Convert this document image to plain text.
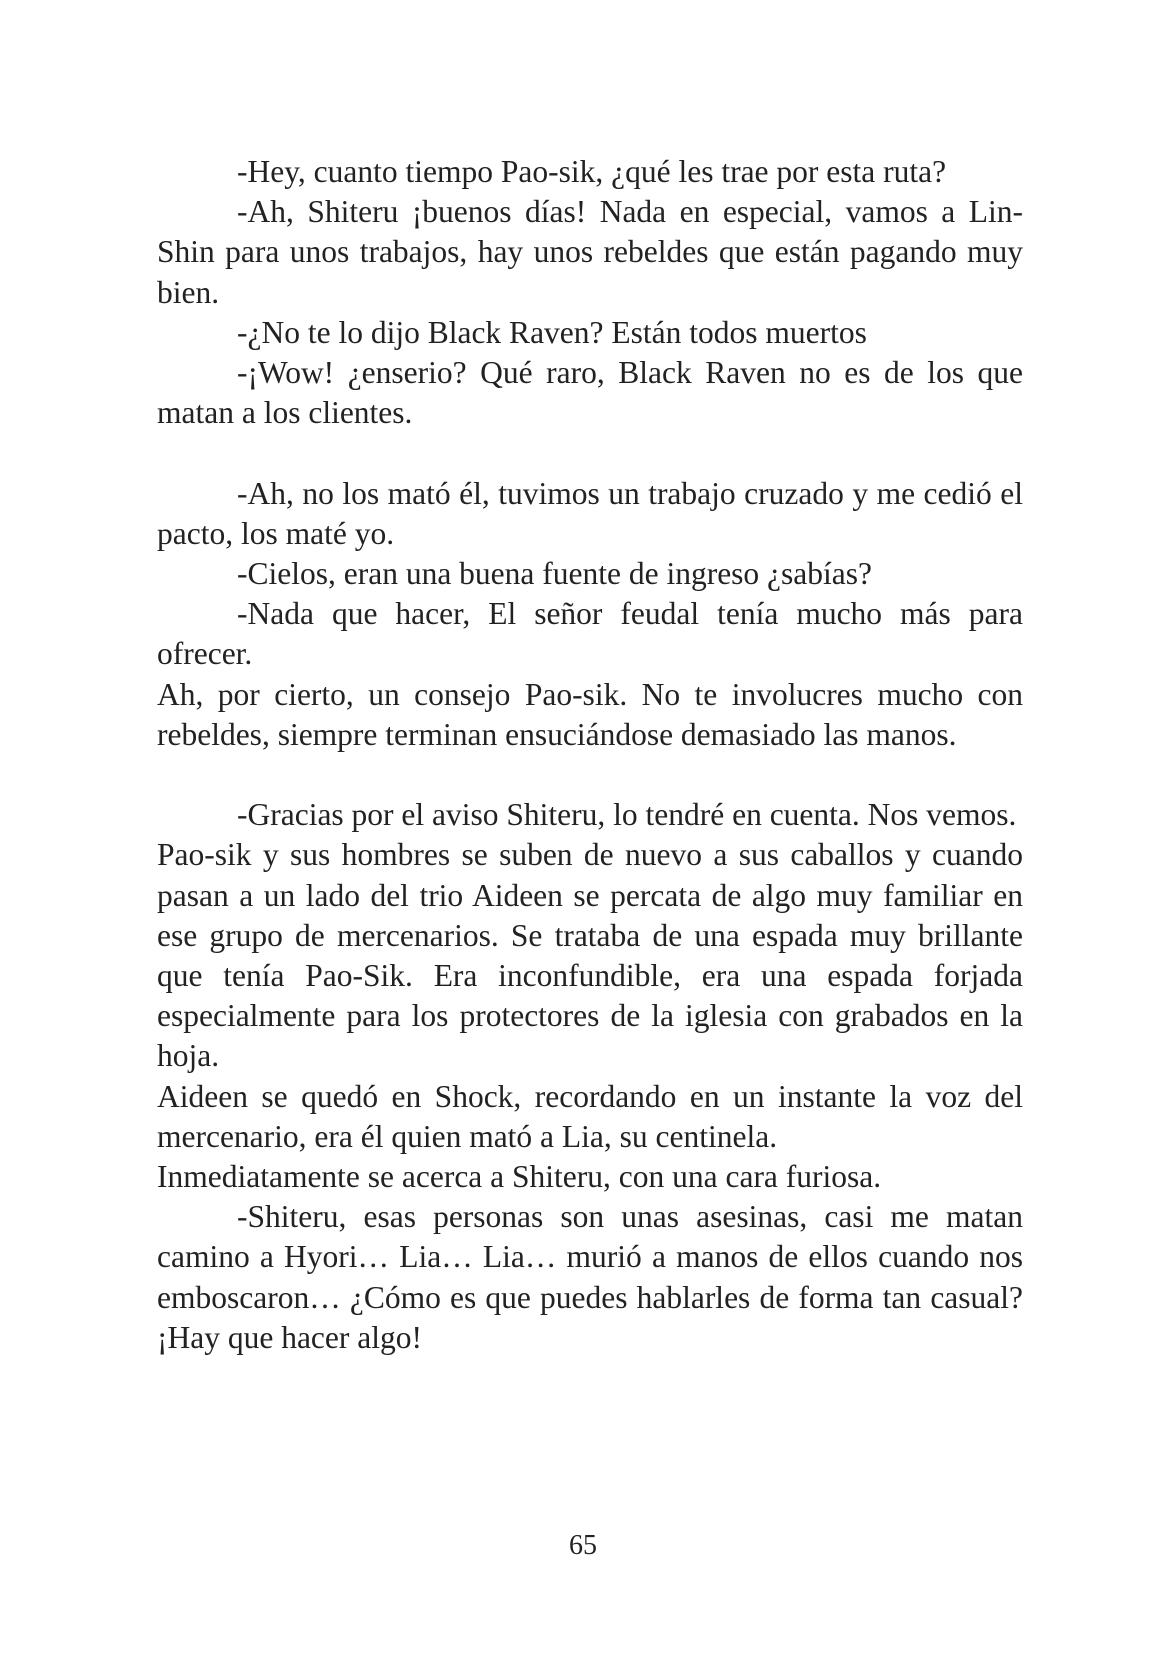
-Hey, cuanto tiempo Pao-sik, ¿qué les trae por esta ruta?

-Ah, Shiteru ¡buenos días! Nada en especial, vamos a Lin-Shin para unos trabajos, hay unos rebeldes que están pagando muy bien.

-¿No te lo dijo Black Raven? Están todos muertos

-¡Wow! ¿enserio? Qué raro, Black Raven no es de los que matan a los clientes.

-Ah, no los mató él, tuvimos un trabajo cruzado y me cedió el pacto, los maté yo.

-Cielos, eran una buena fuente de ingreso ¿sabías?

-Nada que hacer, El señor feudal tenía mucho más para ofrecer.

Ah, por cierto, un consejo Pao-sik. No te involucres mucho con rebeldes, siempre terminan ensuciándose demasiado las manos.

-Gracias por el aviso Shiteru, lo tendré en cuenta. Nos vemos.

Pao-sik y sus hombres se suben de nuevo a sus caballos y cuando pasan a un lado del trio Aideen se percata de algo muy familiar en ese grupo de mercenarios. Se trataba de una espada muy brillante que tenía Pao-Sik. Era inconfundible, era una espada forjada especialmente para los protectores de la iglesia con grabados en la hoja.

Aideen se quedó en Shock, recordando en un instante la voz del mercenario, era él quien mató a Lia, su centinela.

Inmediatamente se acerca a Shiteru, con una cara furiosa.

-Shiteru, esas personas son unas asesinas, casi me matan camino a Hyori… Lia… Lia… murió a manos de ellos cuando nos emboscaron… ¿Cómo es que puedes hablarles de forma tan casual? ¡Hay que hacer algo!

65
